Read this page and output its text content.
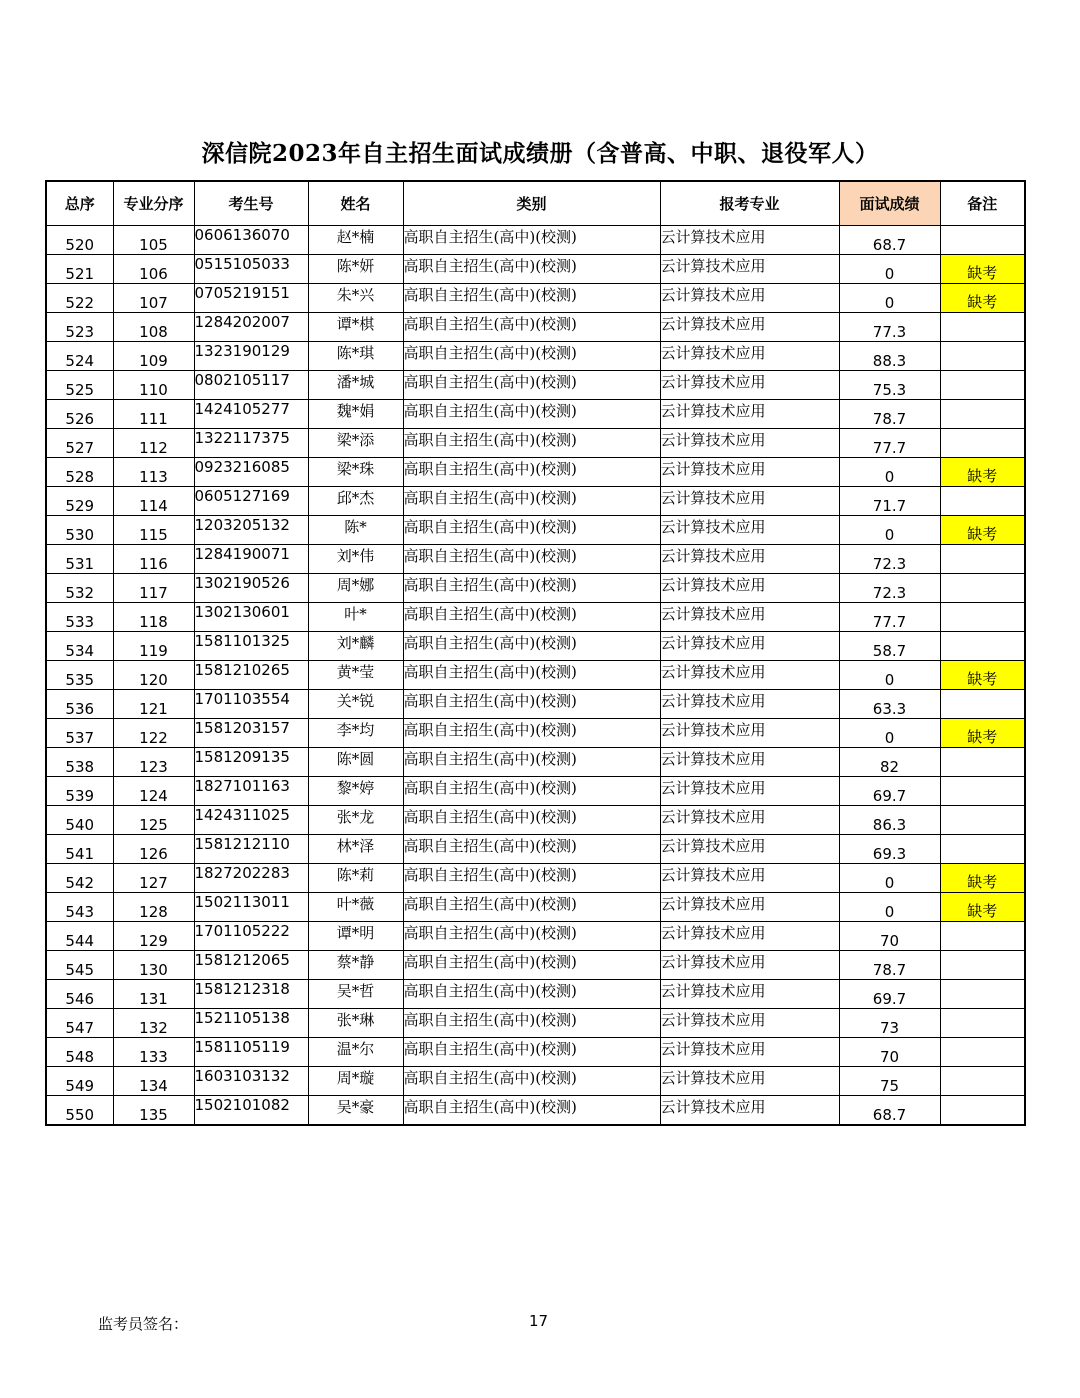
深信院2023年自主招生面试成绩册（含普高、中职、退役军人）
总序	专业分序	考生号	姓名	类别	报考专业	面试成绩	备注
520	105	0606136070	赵*楠	高职自主招生(高中)(校测)	云计算技术应用	68.7	
521	106	0515105033	陈*妍	高职自主招生(高中)(校测)	云计算技术应用	0	缺考
522	107	0705219151	朱*兴	高职自主招生(高中)(校测)	云计算技术应用	0	缺考
523	108	1284202007	谭*棋	高职自主招生(高中)(校测)	云计算技术应用	77.3	
524	109	1323190129	陈*琪	高职自主招生(高中)(校测)	云计算技术应用	88.3	
525	110	0802105117	潘*城	高职自主招生(高中)(校测)	云计算技术应用	75.3	
526	111	1424105277	魏*娟	高职自主招生(高中)(校测)	云计算技术应用	78.7	
527	112	1322117375	梁*添	高职自主招生(高中)(校测)	云计算技术应用	77.7	
528	113	0923216085	梁*珠	高职自主招生(高中)(校测)	云计算技术应用	0	缺考
529	114	0605127169	邱*杰	高职自主招生(高中)(校测)	云计算技术应用	71.7	
530	115	1203205132	陈*	高职自主招生(高中)(校测)	云计算技术应用	0	缺考
531	116	1284190071	刘*伟	高职自主招生(高中)(校测)	云计算技术应用	72.3	
532	117	1302190526	周*娜	高职自主招生(高中)(校测)	云计算技术应用	72.3	
533	118	1302130601	叶*	高职自主招生(高中)(校测)	云计算技术应用	77.7	
534	119	1581101325	刘*麟	高职自主招生(高中)(校测)	云计算技术应用	58.7	
535	120	1581210265	黄*莹	高职自主招生(高中)(校测)	云计算技术应用	0	缺考
536	121	1701103554	关*锐	高职自主招生(高中)(校测)	云计算技术应用	63.3	
537	122	1581203157	李*均	高职自主招生(高中)(校测)	云计算技术应用	0	缺考
538	123	1581209135	陈*圆	高职自主招生(高中)(校测)	云计算技术应用	82	
539	124	1827101163	黎*婷	高职自主招生(高中)(校测)	云计算技术应用	69.7	
540	125	1424311025	张*龙	高职自主招生(高中)(校测)	云计算技术应用	86.3	
541	126	1581212110	林*泽	高职自主招生(高中)(校测)	云计算技术应用	69.3	
542	127	1827202283	陈*莉	高职自主招生(高中)(校测)	云计算技术应用	0	缺考
543	128	1502113011	叶*薇	高职自主招生(高中)(校测)	云计算技术应用	0	缺考
544	129	1701105222	谭*明	高职自主招生(高中)(校测)	云计算技术应用	70	
545	130	1581212065	蔡*静	高职自主招生(高中)(校测)	云计算技术应用	78.7	
546	131	1581212318	吴*哲	高职自主招生(高中)(校测)	云计算技术应用	69.7	
547	132	1521105138	张*琳	高职自主招生(高中)(校测)	云计算技术应用	73	
548	133	1581105119	温*尔	高职自主招生(高中)(校测)	云计算技术应用	70	
549	134	1603103132	周*璇	高职自主招生(高中)(校测)	云计算技术应用	75	
550	135	1502101082	吴*豪	高职自主招生(高中)(校测)	云计算技术应用	68.7	
监考员签名：	17
